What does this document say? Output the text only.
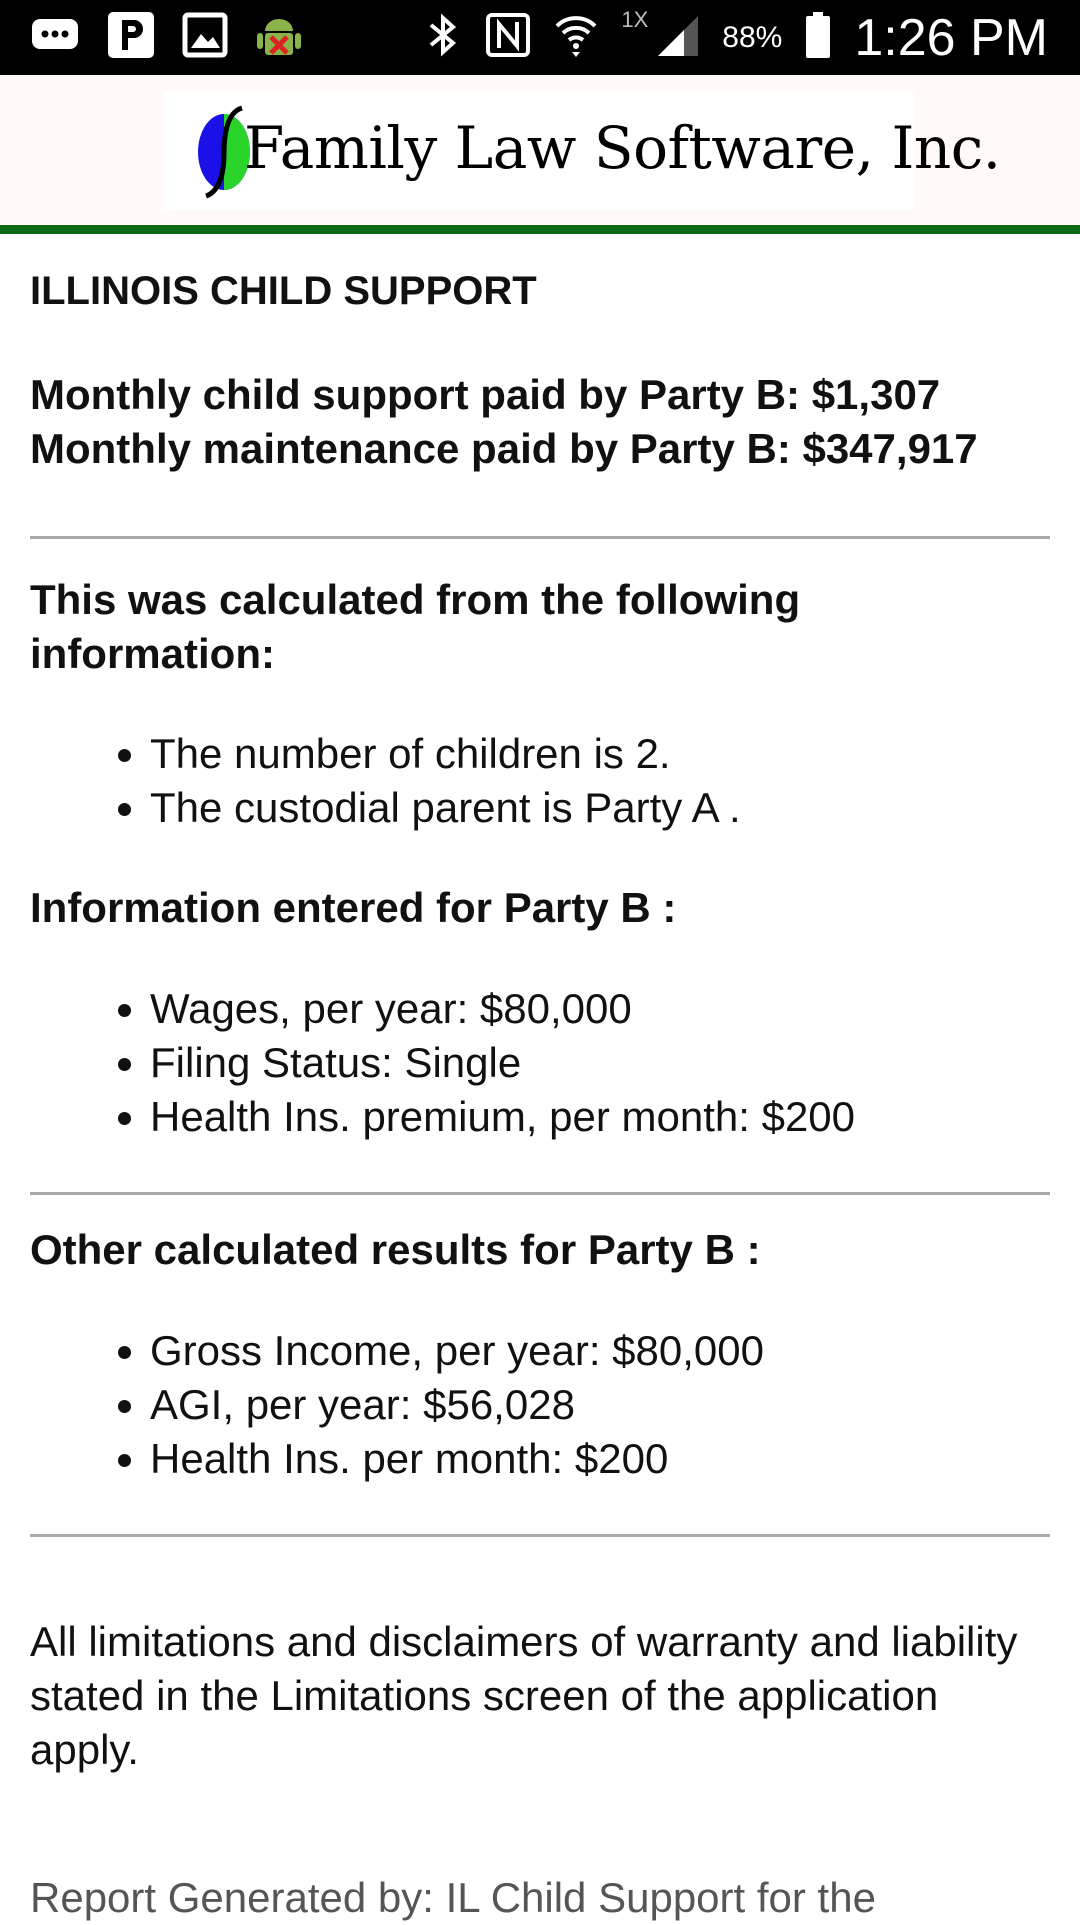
1X
88% 1:26 PM
Family Law Software, Inc.
ILLINOIS CHILD SUPPORT
Monthly child support paid by Party B: $1,307
Monthly maintenance paid by Party B: $347,917
This was calculated from the following information:
• The number of children is 2.
• The custodial parent is Party A .
Information entered for Party B :
• Wages, per year: $80,000
• Filing Status: Single
• Health Ins. premium, per month: $200
Other calculated results for Party B :
• Gross Income, per year: $80,000
• AGI, per year: $56,028
• Health Ins. per month: $200
All limitations and disclaimers of warranty and liability stated in the Limitations screen of the application apply.
Report Generated by: IL Child Support for the
